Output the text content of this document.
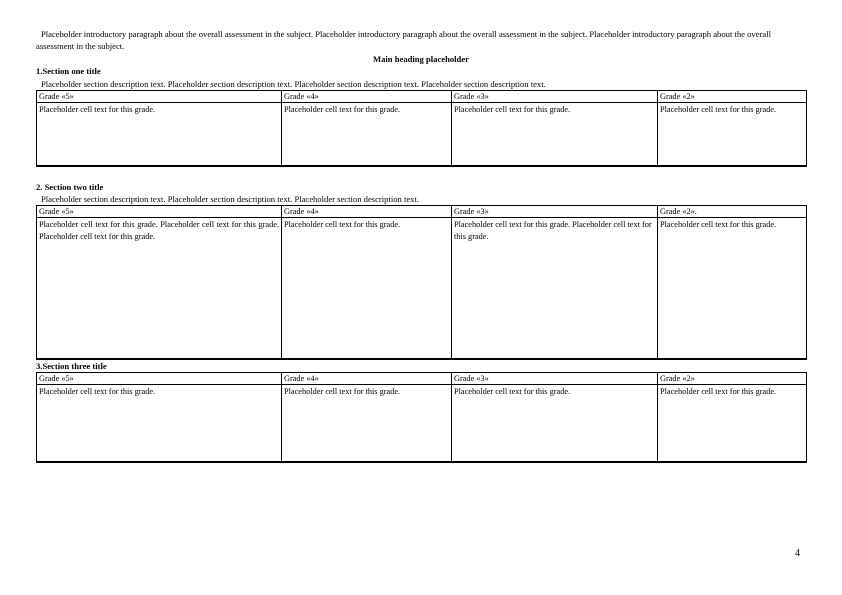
Placeholder introductory paragraph about the overall assessment in the subject. Placeholder introductory paragraph about the overall assessment in the subject. Placeholder introductory paragraph about the overall assessment in the subject.

Main heading placeholder

1.Section one title

Placeholder section description text. Placeholder section description text. Placeholder section description text. Placeholder section description text.

Grade «5»	Grade «4»	Grade «3»	Grade «2»
Placeholder cell text for this grade.	Placeholder cell text for this grade.	Placeholder cell text for this grade.	Placeholder cell text for this grade.

2. Section two title

Placeholder section description text. Placeholder section description text. Placeholder section description text.

Grade «5»	Grade «4»	Grade «3»	Grade «2».
Placeholder cell text for this grade. Placeholder cell text for this grade. Placeholder cell text for this grade.	Placeholder cell text for this grade.	Placeholder cell text for this grade. Placeholder cell text for this grade.	Placeholder cell text for this grade.

3.Section three title

Grade «5»	Grade «4»	Grade «3»	Grade «2»
Placeholder cell text for this grade.	Placeholder cell text for this grade.	Placeholder cell text for this grade.	Placeholder cell text for this grade.
4
